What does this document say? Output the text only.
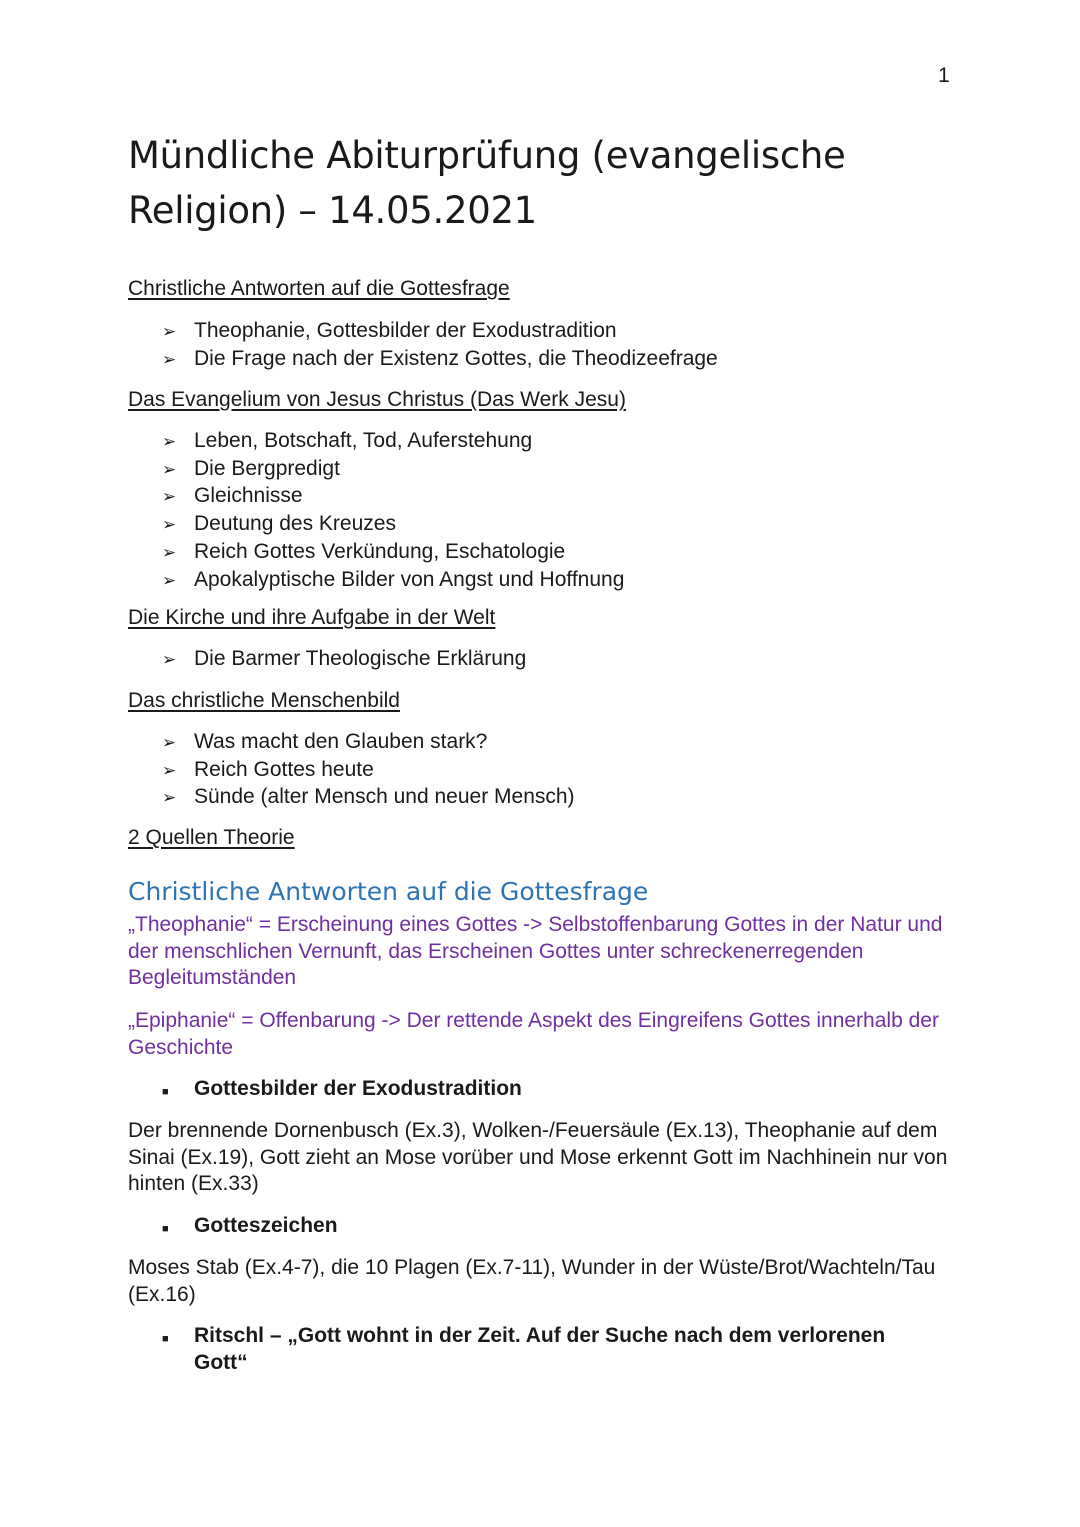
1
Mündliche Abiturprüfung (evangelische Religion) – 14.05.2021
Christliche Antworten auf die Gottesfrage
➢ Theophanie, Gottesbilder der Exodustradition
➢ Die Frage nach der Existenz Gottes, die Theodizeefrage
Das Evangelium von Jesus Christus (Das Werk Jesu)
➢ Leben, Botschaft, Tod, Auferstehung
➢ Die Bergpredigt
➢ Gleichnisse
➢ Deutung des Kreuzes
➢ Reich Gottes Verkündung, Eschatologie
➢ Apokalyptische Bilder von Angst und Hoffnung
Die Kirche und ihre Aufgabe in der Welt
➢ Die Barmer Theologische Erklärung
Das christliche Menschenbild
➢ Was macht den Glauben stark?
➢ Reich Gottes heute
➢ Sünde (alter Mensch und neuer Mensch)
2 Quellen Theorie
Christliche Antworten auf die Gottesfrage

„Theophanie“ = Erscheinung eines Gottes -> Selbstoffenbarung Gottes in der Natur und der menschlichen Vernunft, das Erscheinen Gottes unter schreckenerregenden Begleitumständen

„Epiphanie“ = Offenbarung -> Der rettende Aspekt des Eingreifens Gottes innerhalb der Geschichte

■	Gottesbilder der Exodustradition

Der brennende Dornenbusch (Ex.3), Wolken-/Feuersäule (Ex.13), Theophanie auf dem Sinai (Ex.19), Gott zieht an Mose vorüber und Mose erkennt Gott im Nachhinein nur von hinten (Ex.33)

■	Gotteszeichen

Moses Stab (Ex.4-7), die 10 Plagen (Ex.7-11), Wunder in der Wüste/Brot/Wachteln/Tau (Ex.16)

■	Ritschl – „Gott wohnt in der Zeit. Auf der Suche nach dem verlorenen Gott“
